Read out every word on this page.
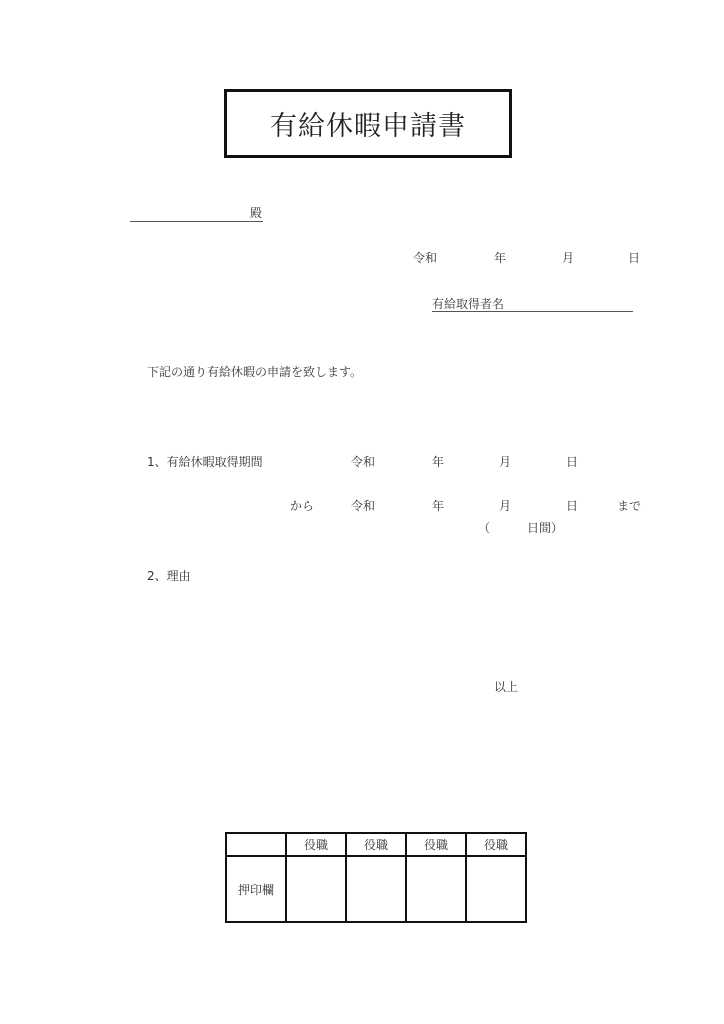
有給休暇申請書
殿
令和	年	月	日
有給取得者名
下記の通り有給休暇の申請を致します。
1、有給休暇取得期間	令和	年	月	日
から	令和	年	月	日	まで
（	日間）
2、理由
以上
	役職	役職	役職	役職
押印欄				
